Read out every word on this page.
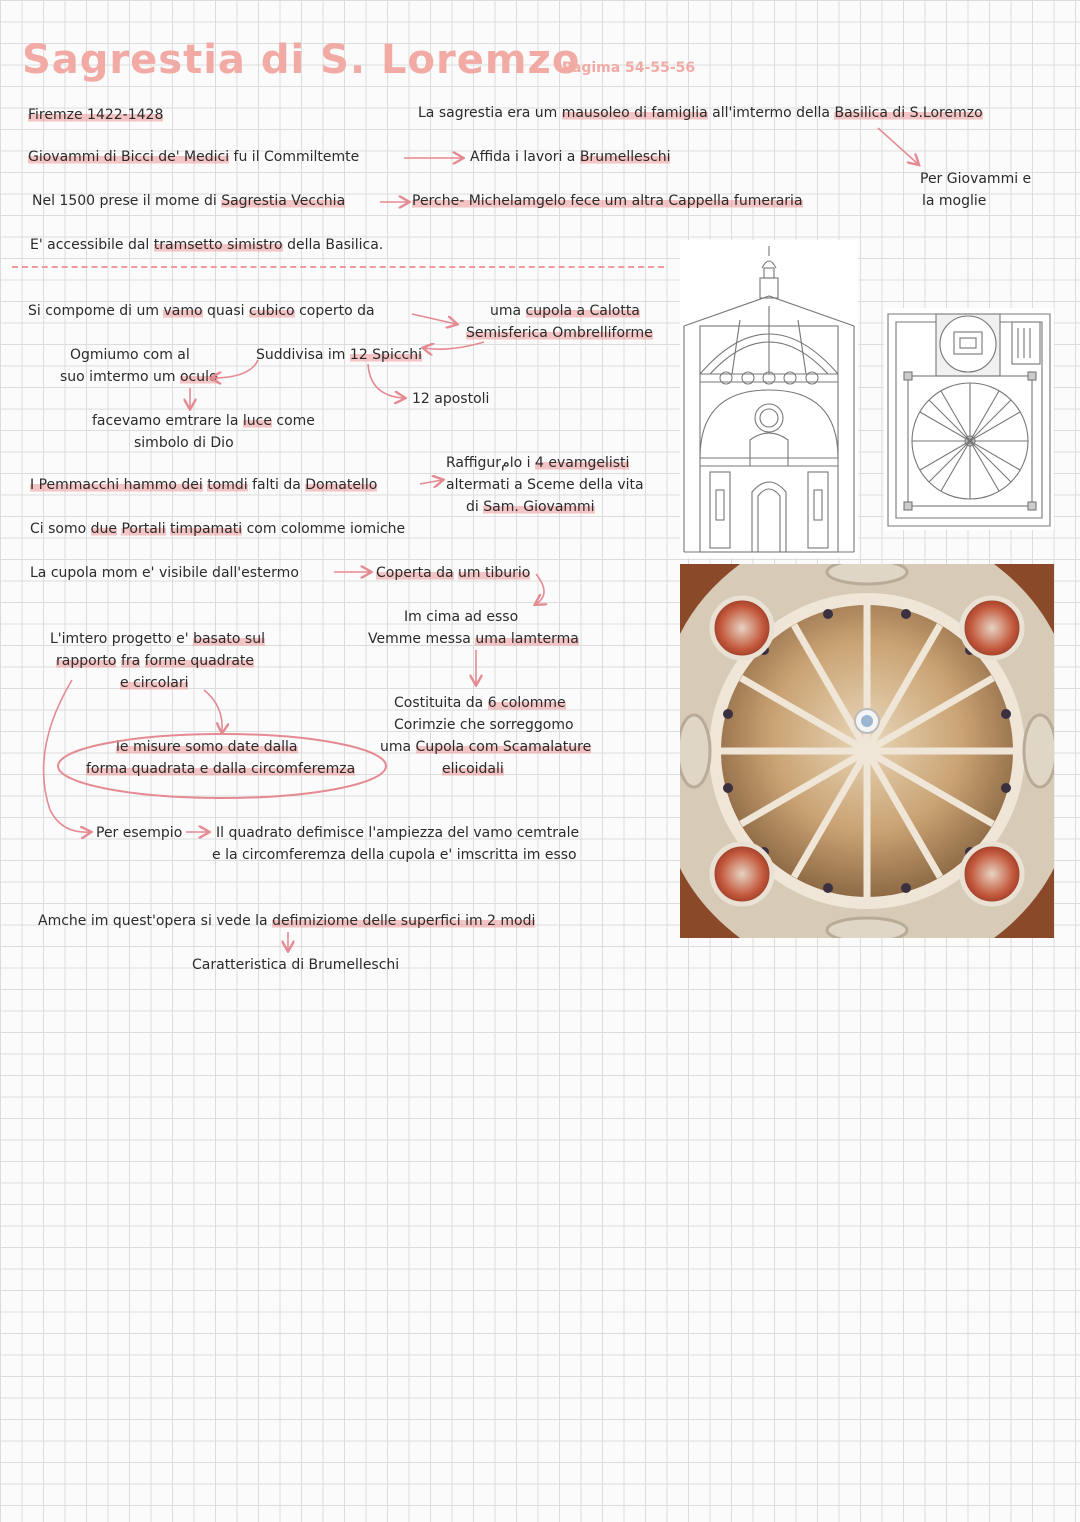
Sagrestia di S. Loremzo
Pagima 54-55-56
Firemze 1422-1428	La sagrestia era um mausoleo di famiglia all'imtermo della Basilica di S.Loremzo
Giovammi di Bicci de' Medici fu il Commiltemte	Affida i lavori a Brumelleschi
Per Giovammi e
la moglie
Nel 1500 prese il mome di Sagrestia Vecchia	Perche- Michelamgelo fece um altra Cappella fumeraria
E' accessibile dal tramsetto simistro della Basilica.
Si compome di um vamo quasi cubico coperto da	uma cupola a Calotta
Semisferica Ombrelliforme
Ogmiumo com al
suo imtermo um oculo
Suddivisa im 12 Spicchi
12 apostoli
facevamo emtrare la luce come
simbolo di Dio
I Pemmacchi hammo dei tomdi falti da Domatello
Raffigurامo i 4 evamgelisti
altermati a Sceme della vita
di Sam. Giovammi
Ci somo due Portali timpamati com colomme iomiche
La cupola mom e' visibile dall'estermo	Coperta da um tiburio
Im cima ad esso
Vemme messa uma lamterma
L'imtero progetto e' basato sul
rapporto fra forme quadrate
e circolari
Costituita da 6 colomme
Corimzie che sorreggomo
uma Cupola com Scamalature
elicoidali
le misure somo date dalla
forma quadrata e dalla circomferemza
Per esempio Il quadrato defimisce l'ampiezza del vamo cemtrale
e la circomferemza della cupola e' imscritta im esso
Amche im quest'opera si vede la defimiziome delle superfici im 2 modi
Caratteristica di Brumelleschi
